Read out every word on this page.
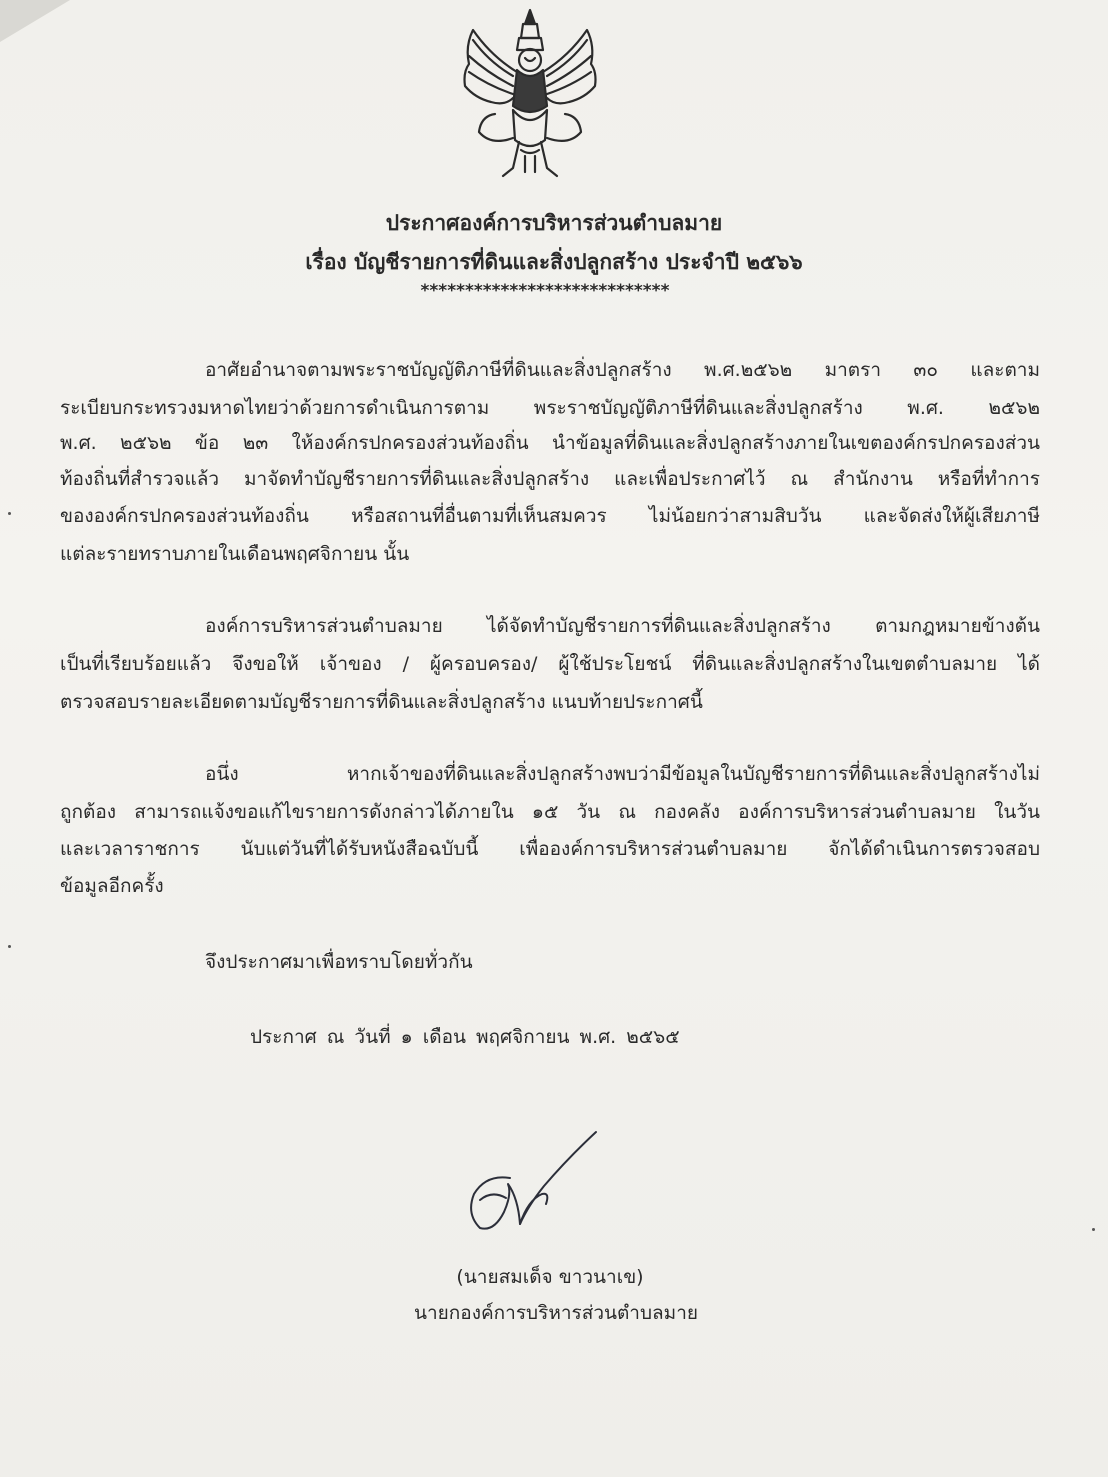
ประกาศองค์การบริหารส่วนตำบลมาย
เรื่อง บัญชีรายการที่ดินและสิ่งปลูกสร้าง ประจำปี ๒๕๖๖
****************************
อาศัยอำนาจตามพระราชบัญญัติภาษีที่ดินและสิ่งปลูกสร้าง พ.ศ.๒๕๖๒ มาตรา ๓๐ และตาม
ระเบียบกระทรวงมหาดไทยว่าด้วยการดำเนินการตาม พระราชบัญญัติภาษีที่ดินและสิ่งปลูกสร้าง พ.ศ. ๒๕๖๒
พ.ศ. ๒๕๖๒ ข้อ ๒๓ ให้องค์กรปกครองส่วนท้องถิ่น นำข้อมูลที่ดินและสิ่งปลูกสร้างภายในเขตองค์กรปกครองส่วน
ท้องถิ่นที่สำรวจแล้ว มาจัดทำบัญชีรายการที่ดินและสิ่งปลูกสร้าง และเพื่อประกาศไว้ ณ สำนักงาน หรือที่ทำการ
ขององค์กรปกครองส่วนท้องถิ่น หรือสถานที่อื่นตามที่เห็นสมควร ไม่น้อยกว่าสามสิบวัน และจัดส่งให้ผู้เสียภาษี
แต่ละรายทราบภายในเดือนพฤศจิกายน นั้น
องค์การบริหารส่วนตำบลมาย ได้จัดทำบัญชีรายการที่ดินและสิ่งปลูกสร้าง ตามกฎหมายข้างต้น
เป็นที่เรียบร้อยแล้ว จึงขอให้ เจ้าของ / ผู้ครอบครอง/ ผู้ใช้ประโยชน์ ที่ดินและสิ่งปลูกสร้างในเขตตำบลมาย ได้
ตรวจสอบรายละเอียดตามบัญชีรายการที่ดินและสิ่งปลูกสร้าง แนบท้ายประกาศนี้
อนึ่ง หากเจ้าของที่ดินและสิ่งปลูกสร้างพบว่ามีข้อมูลในบัญชีรายการที่ดินและสิ่งปลูกสร้างไม่
ถูกต้อง สามารถแจ้งขอแก้ไขรายการดังกล่าวได้ภายใน ๑๕ วัน ณ กองคลัง องค์การบริหารส่วนตำบลมาย ในวัน
และเวลาราชการ นับแต่วันที่ได้รับหนังสือฉบับนี้ เพื่อองค์การบริหารส่วนตำบลมาย จักได้ดำเนินการตรวจสอบ
ข้อมูลอีกครั้ง
จึงประกาศมาเพื่อทราบโดยทั่วกัน
ประกาศ ณ วันที่ ๑ เดือน พฤศจิกายน พ.ศ. ๒๕๖๕
(นายสมเด็จ ขาวนาเข)
นายกองค์การบริหารส่วนตำบลมาย
